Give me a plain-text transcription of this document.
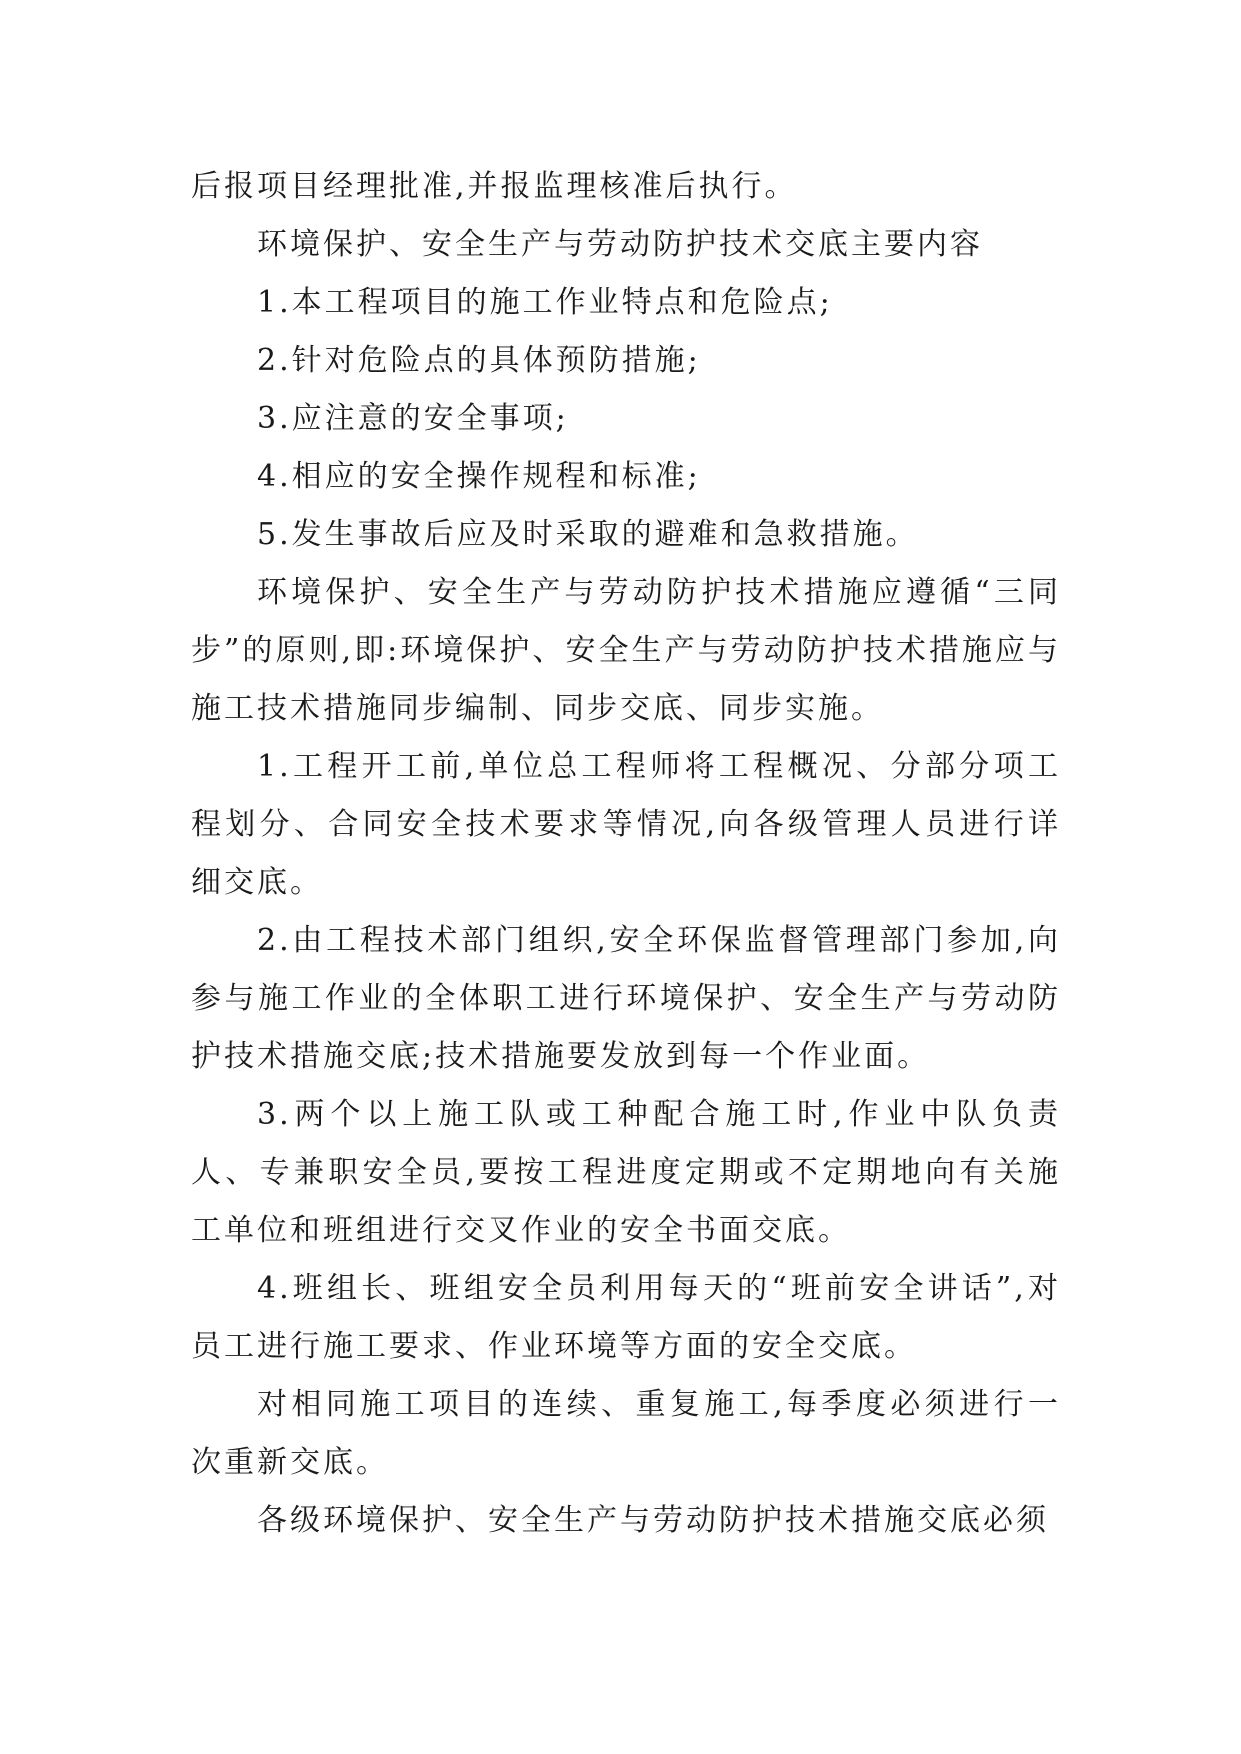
后报项目经理批准,并报监理核准后执行。

环境保护、安全生产与劳动防护技术交底主要内容

1.本工程项目的施工作业特点和危险点;

2.针对危险点的具体预防措施;

3.应注意的安全事项;

4.相应的安全操作规程和标准;

5.发生事故后应及时采取的避难和急救措施。

环境保护、安全生产与劳动防护技术措施应遵循“三同步”的原则,即:环境保护、安全生产与劳动防护技术措施应与施工技术措施同步编制、同步交底、同步实施。

1.工程开工前,单位总工程师将工程概况、分部分项工程划分、合同安全技术要求等情况,向各级管理人员进行详细交底。

2.由工程技术部门组织,安全环保监督管理部门参加,向参与施工作业的全体职工进行环境保护、安全生产与劳动防护技术措施交底;技术措施要发放到每一个作业面。

3.两个以上施工队或工种配合施工时,作业中队负责人、专兼职安全员,要按工程进度定期或不定期地向有关施工单位和班组进行交叉作业的安全书面交底。

4.班组长、班组安全员利用每天的“班前安全讲话”,对员工进行施工要求、作业环境等方面的安全交底。

对相同施工项目的连续、重复施工,每季度必须进行一次重新交底。

各级环境保护、安全生产与劳动防护技术措施交底必须
